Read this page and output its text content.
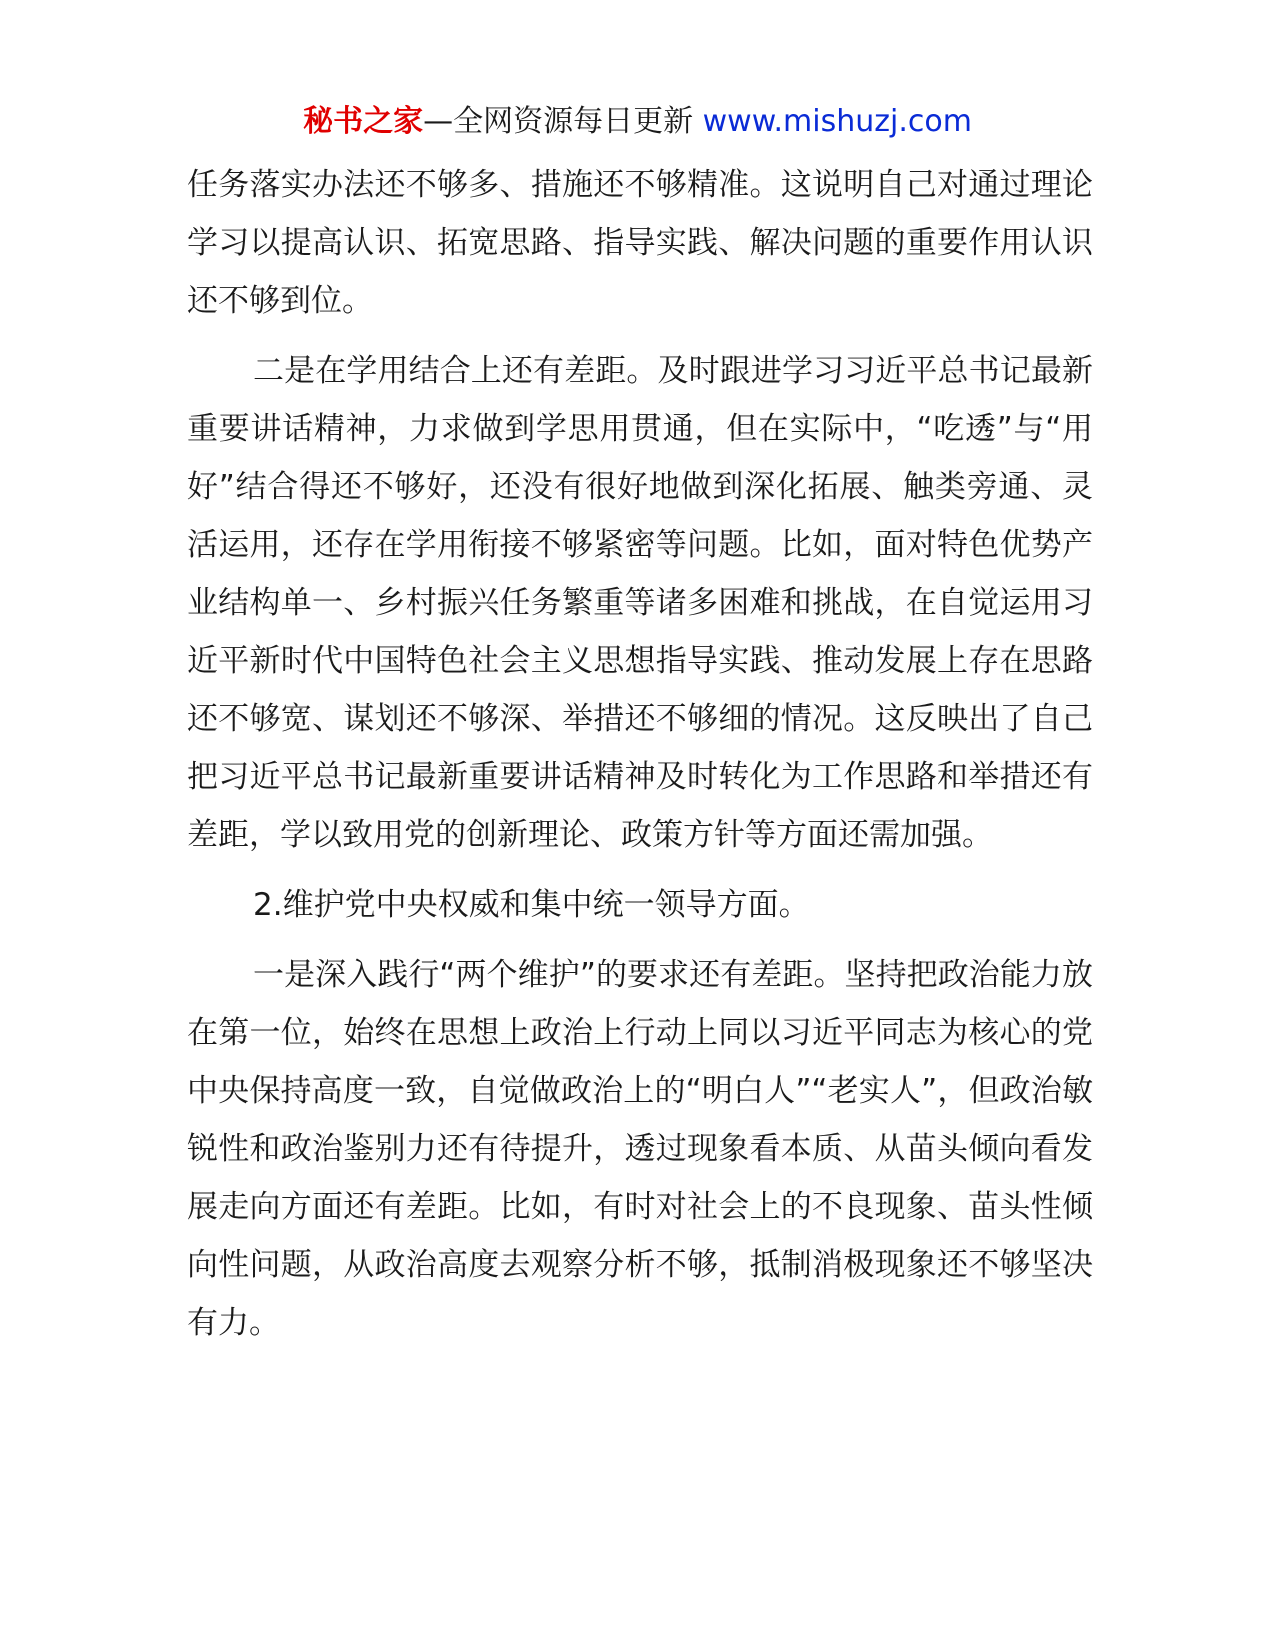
秘书之家—全网资源每日更新 www.mishuzj.com

任务落实办法还不够多、措施还不够精准。这说明自己对通过理论学习以提高认识、拓宽思路、指导实践、解决问题的重要作用认识还不够到位。

二是在学用结合上还有差距。及时跟进学习习近平总书记最新重要讲话精神，力求做到学思用贯通，但在实际中，“吃透”与“用好”结合得还不够好，还没有很好地做到深化拓展、触类旁通、灵活运用，还存在学用衔接不够紧密等问题。比如，面对特色优势产业结构单一、乡村振兴任务繁重等诸多困难和挑战，在自觉运用习近平新时代中国特色社会主义思想指导实践、推动发展上存在思路还不够宽、谋划还不够深、举措还不够细的情况。这反映出了自己把习近平总书记最新重要讲话精神及时转化为工作思路和举措还有差距，学以致用党的创新理论、政策方针等方面还需加强。

2.维护党中央权威和集中统一领导方面。

一是深入践行“两个维护”的要求还有差距。坚持把政治能力放在第一位，始终在思想上政治上行动上同以习近平同志为核心的党中央保持高度一致，自觉做政治上的“明白人”“老实人”，但政治敏锐性和政治鉴别力还有待提升，透过现象看本质、从苗头倾向看发展走向方面还有差距。比如，有时对社会上的不良现象、苗头性倾向性问题，从政治高度去观察分析不够，抵制消极现象还不够坚决有力。
